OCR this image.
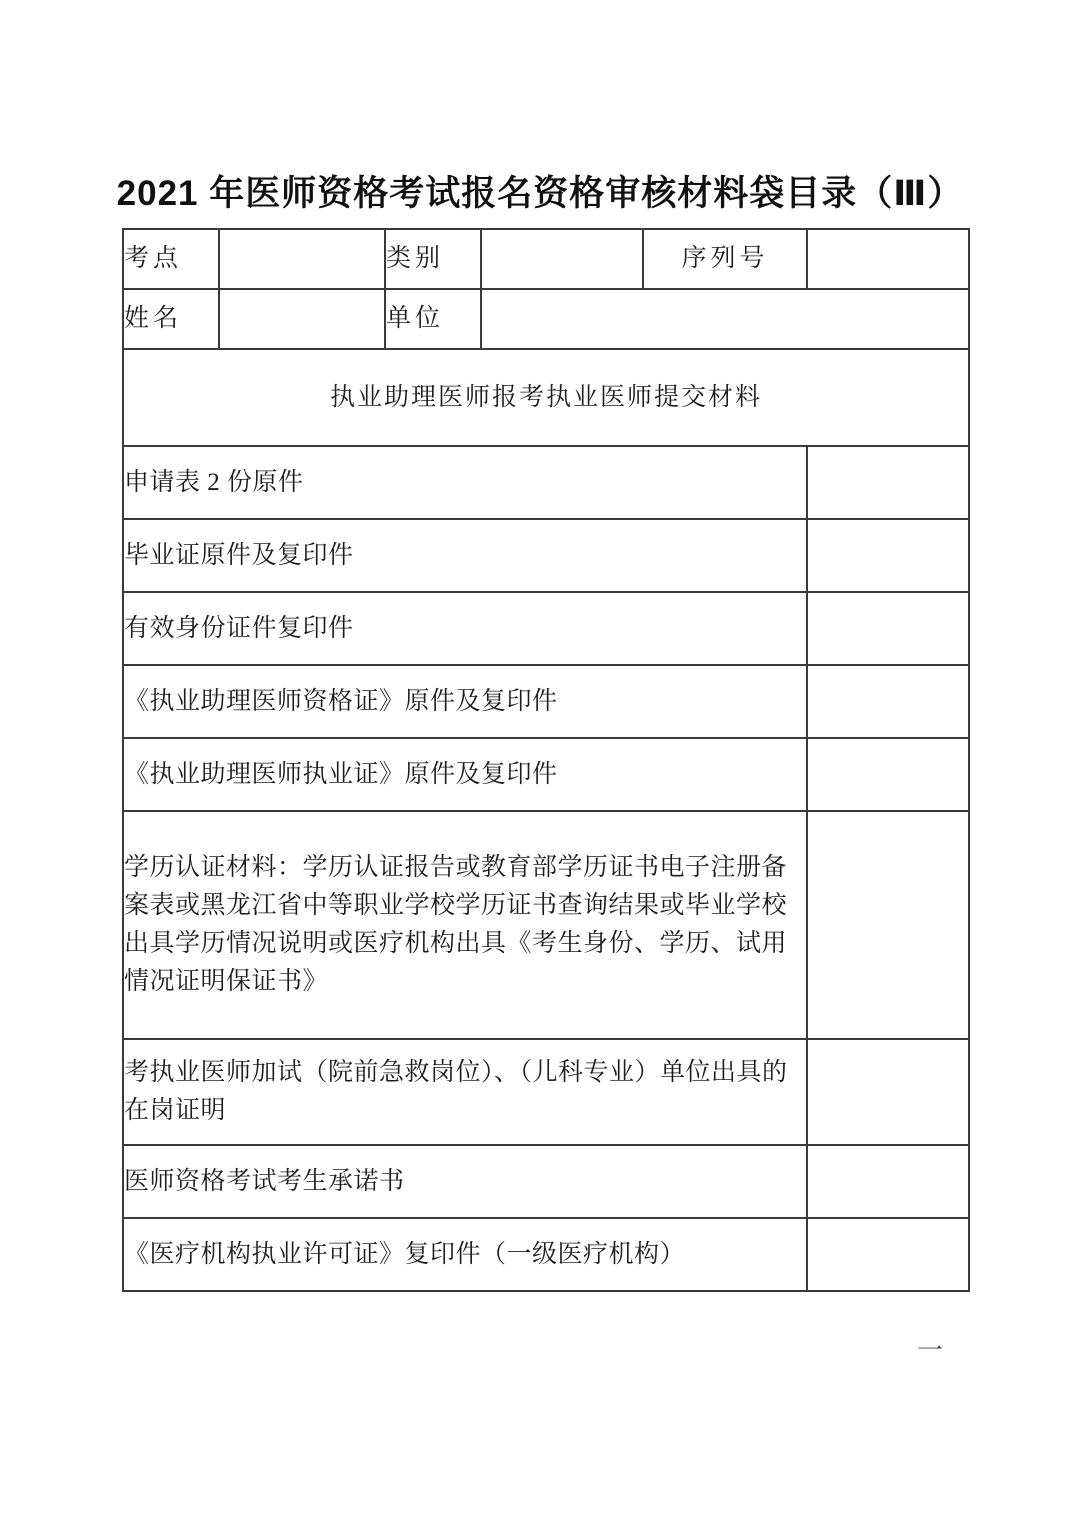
2021 年医师资格考试报名资格审核材料袋目录（Ⅲ）
考点		类别		序列号	
姓名		单位			
执业助理医师报考执业医师提交材料					
申请表 2 份原件					
毕业证原件及复印件					
有效身份证件复印件					
《执业助理医师资格证》原件及复印件					
《执业助理医师执业证》原件及复印件					
学历认证材料：学历认证报告或教育部学历证书电子注册备案表或黑龙江省中等职业学校学历证书查询结果或毕业学校出具学历情况说明或医疗机构出具《考生身份、学历、试用情况证明保证书》					
考执业医师加试（院前急救岗位）、（儿科专业）单位出具的在岗证明					
医师资格考试考生承诺书					
《医疗机构执业许可证》复印件（一级医疗机构）					
一
